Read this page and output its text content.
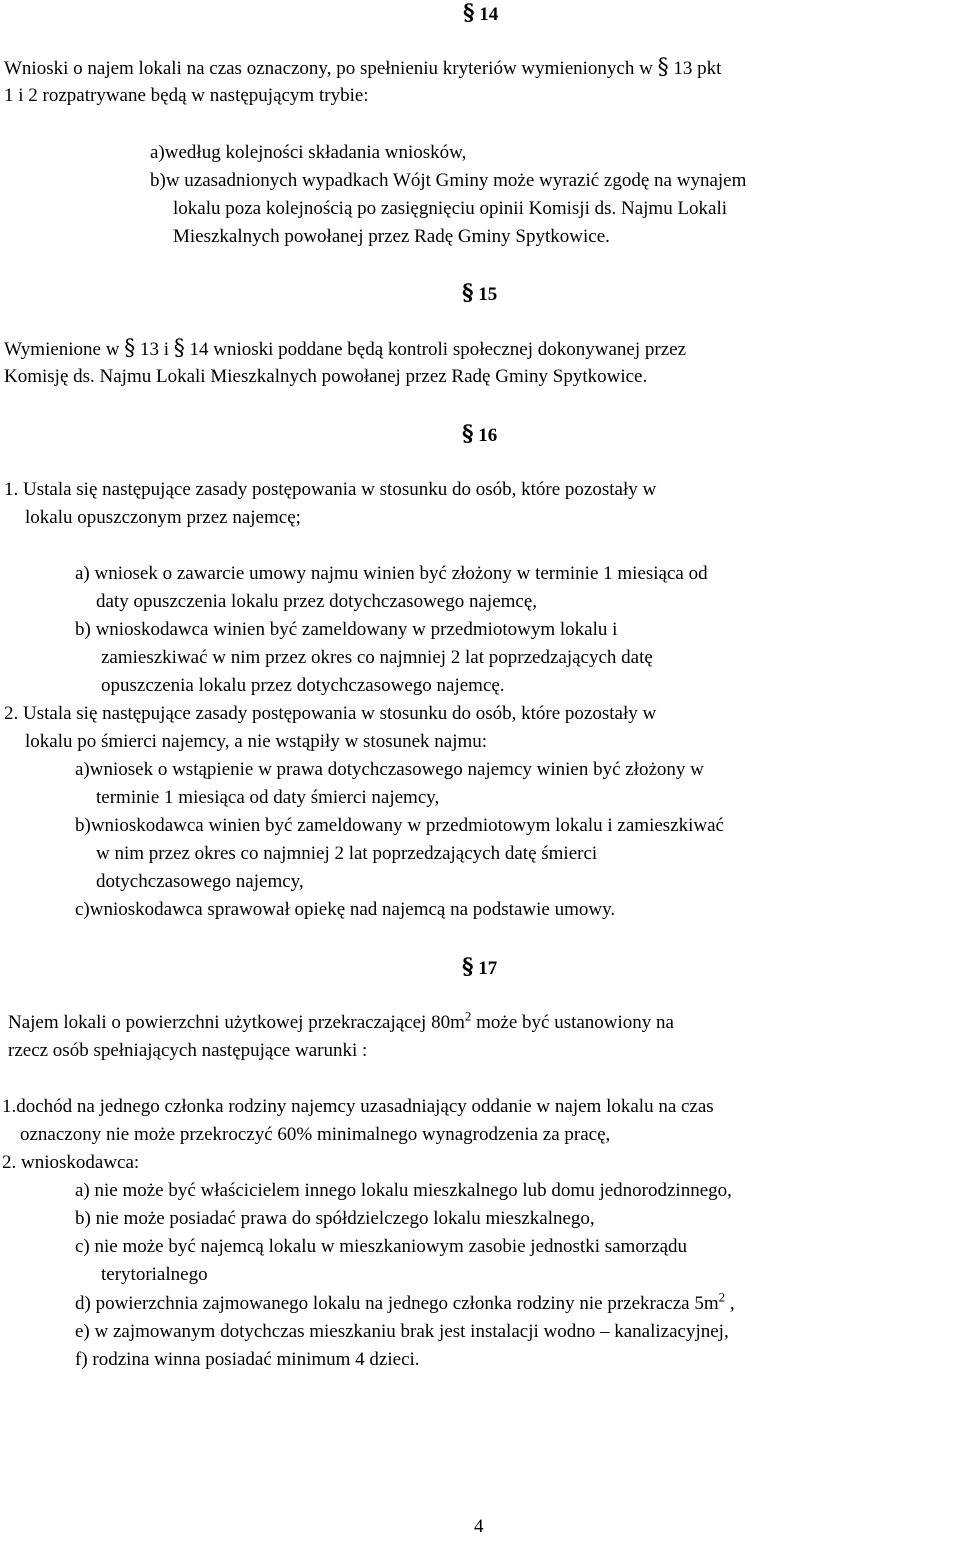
§ 14
Wnioski o najem lokali na czas oznaczony, po spełnieniu kryteriów wymienionych w § 13 pkt
1 i 2 rozpatrywane będą w następującym trybie:
a)według kolejności składania wniosków,
b)w uzasadnionych wypadkach Wójt Gminy może wyrazić zgodę na wynajem
lokalu poza kolejnością po zasięgnięciu opinii Komisji ds. Najmu Lokali
Mieszkalnych powołanej przez Radę Gminy Spytkowice.
§ 15
Wymienione w § 13 i § 14 wnioski poddane będą kontroli społecznej dokonywanej przez
Komisję ds. Najmu Lokali Mieszkalnych powołanej przez Radę Gminy Spytkowice.
§ 16
1. Ustala się następujące zasady postępowania w stosunku do osób, które pozostały w
lokalu opuszczonym przez najemcę;
a) wniosek o zawarcie umowy najmu winien być złożony w terminie 1 miesiąca od
daty opuszczenia lokalu przez dotychczasowego najemcę,
b) wnioskodawca winien być zameldowany w przedmiotowym lokalu i
zamieszkiwać w nim przez okres co najmniej 2 lat poprzedzających datę
opuszczenia lokalu przez dotychczasowego najemcę.
2. Ustala się następujące zasady postępowania w stosunku do osób, które pozostały w
lokalu po śmierci najemcy, a nie wstąpiły w stosunek najmu:
a)wniosek o wstąpienie w prawa dotychczasowego najemcy winien być złożony w
terminie 1 miesiąca od daty śmierci najemcy,
b)wnioskodawca winien być zameldowany w przedmiotowym lokalu i zamieszkiwać
w nim przez okres co najmniej 2 lat poprzedzających datę śmierci
dotychczasowego najemcy,
c)wnioskodawca sprawował opiekę nad najemcą na podstawie umowy.
§ 17
Najem lokali o powierzchni użytkowej przekraczającej $80m^2$ może być ustanowiony na
rzecz osób spełniających następujące warunki :
1.dochód na jednego członka rodziny najemcy uzasadniający oddanie w najem lokalu na czas
oznaczony nie może przekroczyć 60% minimalnego wynagrodzenia za pracę,
2. wnioskodawca:
a) nie może być właścicielem innego lokalu mieszkalnego lub domu jednorodzinnego,
b) nie może posiadać prawa do spółdzielczego lokalu mieszkalnego,
c) nie może być najemcą lokalu w mieszkaniowym zasobie jednostki samorządu
terytorialnego
d) powierzchnia zajmowanego lokalu na jednego członka rodziny nie przekracza $5m^2$ ,
e) w zajmowanym dotychczas mieszkaniu brak jest instalacji wodno – kanalizacyjnej,
f) rodzina winna posiadać minimum 4 dzieci.
4
